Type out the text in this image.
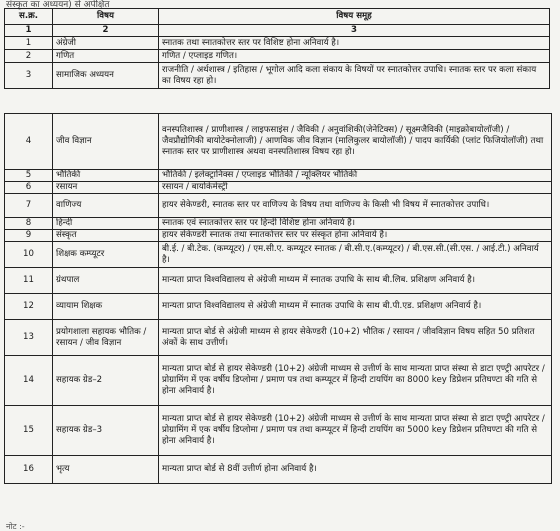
संस्कृत का अध्ययन) से अपेक्षित
स.क्र.	विषय	विषय समूह
1	2	3
1	अंग्रेजी	स्नातक तथा स्नातकोत्तर स्तर पर विशिष्ट होना अनिवार्य है।
2	गणित	गणित / एप्लाइड गणित।
3	सामाजिक अध्ययन	राजनीति / अर्थशास्त्र / इतिहास / भूगोल आदि कला संकाय के विषयों पर स्नातकोत्तर उपाधि। स्नातक स्तर पर कला संकाय का विषय रहा हो।
4	जीव विज्ञान	वनस्पतिशास्त्र / प्राणीशास्त्र / लाइफसाइंस / जैविकी / अनुवांशिकी(जेनेटिक्स) / सूक्ष्मजैविकी (माइक्रोबायोलॉजी) / जैवप्रौद्योगिकी बायोटेक्नोलाजी) / आणविक जीव विज्ञान (मालिकुलर बायोलॉजी) / पादप कार्यिकी (प्लांट फिजियोलॉजी) तथा स्नातक स्तर पर प्राणीशास्त्र अथवा वनस्पतिशास्त्र विषय रहा हो।
5	भौतिकी	भौतिकी / इलेक्ट्रानिक्स / एप्लाइड भौतिकी / न्यूक्लियर भौतिकी
6	रसायन	रसायन / बायोकेमेस्ट्री
7	वाणिज्य	हायर सेकेण्डरी, स्नातक स्तर पर वाणिज्य के विषय तथा वाणिज्य के किसी भी विषय में स्नातकोत्तर उपाधि।
8	हिन्दी	स्नातक एवं स्नातकोत्तर स्तर पर हिन्दी विशिष्ट होना अनिवार्य है।
9	संस्कृत	हायर सेकेण्डरी स्नातक तथा स्नातकोत्तर स्तर पर संस्कृत होना अनिवार्य है।
10	शिक्षक कम्प्यूटर	बी.ई. / बी.टेक. (कम्प्यूटर) / एम.सी.ए. कम्प्यूटर स्नातक / बी.सी.ए.(कम्प्यूटर) / बी.एस.सी.(सी.एस. / आई.टी.) अनिवार्य है।
11	ग्रंथपाल	मान्यता प्राप्त विश्वविद्यालय से अंग्रेजी माध्यम में स्नातक उपाधि के साथ बी.लिब. प्रशिक्षण अनिवार्य है।
12	व्यायाम शिक्षक	मान्यता प्राप्त विश्वविद्यालय से अंग्रेजी माध्यम में स्नातक उपाधि के साथ बी.पी.एड. प्रशिक्षण अनिवार्य है।
13	प्रयोगशाला सहायक भौतिक / रसायन / जीव विज्ञान	मान्यता प्राप्त बोर्ड से अंग्रेजी माध्यम से हायर सेकेण्डरी (10+2) भौतिक / रसायन / जीवविज्ञान विषय सहित 50 प्रतिशत अंकों के साथ उत्तीर्ण।
14	सहायक ग्रेड–2	मान्यता प्राप्त बोर्ड से हायर सेकेण्डरी (10+2) अंग्रेजी माध्यम से उत्तीर्ण के साथ मान्यता प्राप्त संस्था से डाटा एण्ट्री आपरेटर / प्रोग्रामिंग में एक वर्षीय डिप्लोमा / प्रमाण पत्र तथा कम्प्यूटर में हिन्दी टायपिंग का 8000 key डिप्रेशन प्रतिघण्टा की गति से होना अनिवार्य है।
15	सहायक ग्रेड–3	मान्यता प्राप्त बोर्ड से हायर सेकेण्डरी (10+2) अंग्रेजी माध्यम से उत्तीर्ण के साथ मान्यता प्राप्त संस्था से डाटा एण्ट्री आपरेटर / प्रोग्रामिंग में एक वर्षीय डिप्लोमा / प्रमाण पत्र तथा कम्प्यूटर में हिन्दी टायपिंग का 5000 key डिप्रेशन प्रतिघण्टा की गति से होना अनिवार्य है।
16	भृत्य	मान्यता प्राप्त बोर्ड से 8वीं उत्तीर्ण होना अनिवार्य है।
नोट :-
